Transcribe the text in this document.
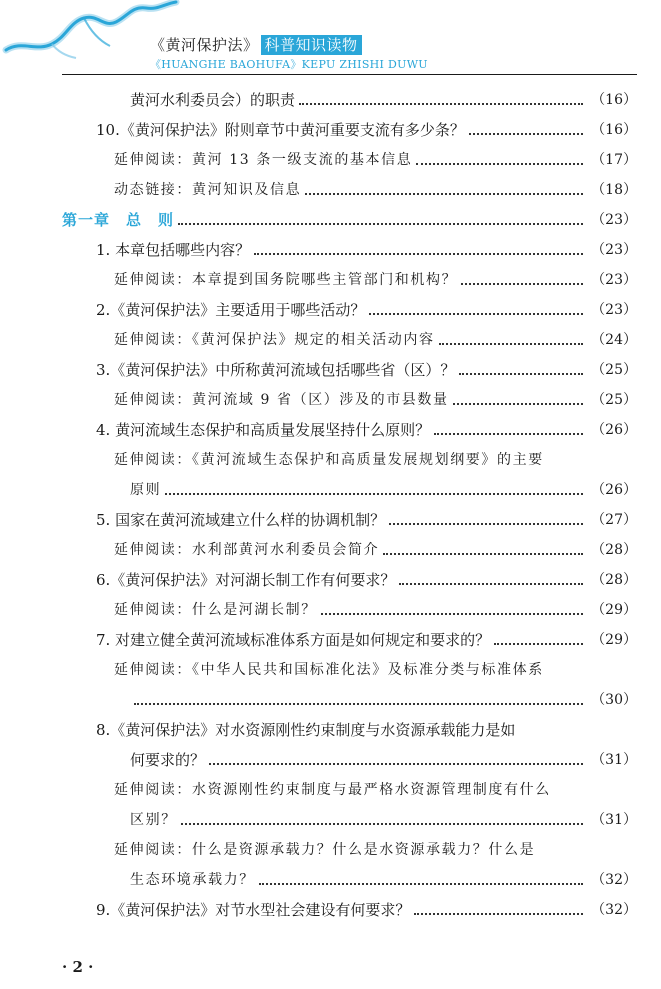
《黄河保护法》 科普知识读物
《HUANGHE BAOHUFA》KEPU ZHISHI DUWU
黄河水利委员会）的职责	（16）
10.《黄河保护法》附则章节中黄河重要支流有多少条？	（16）
延伸阅读：黄河 13 条一级支流的基本信息	（17）
动态链接：黄河知识及信息	（18）
第一章　总　则	（23）
1. 本章包括哪些内容？	（23）
延伸阅读：本章提到国务院哪些主管部门和机构？	（23）
2.《黄河保护法》主要适用于哪些活动？	（23）
延伸阅读：《黄河保护法》规定的相关活动内容	（24）
3.《黄河保护法》中所称黄河流域包括哪些省（区）？	（25）
延伸阅读：黄河流域 9 省（区）涉及的市县数量	（25）
4. 黄河流域生态保护和高质量发展坚持什么原则？	（26）
延伸阅读：《黄河流域生态保护和高质量发展规划纲要》的主要
原则	（26）
5. 国家在黄河流域建立什么样的协调机制？	（27）
延伸阅读：水利部黄河水利委员会简介	（28）
6.《黄河保护法》对河湖长制工作有何要求？	（28）
延伸阅读：什么是河湖长制？	（29）
7. 对建立健全黄河流域标准体系方面是如何规定和要求的？	（29）
延伸阅读：《中华人民共和国标准化法》及标准分类与标准体系
（30）
8.《黄河保护法》对水资源刚性约束制度与水资源承载能力是如
何要求的？	（31）
延伸阅读：水资源刚性约束制度与最严格水资源管理制度有什么
区别？	（31）
延伸阅读：什么是资源承载力？什么是水资源承载力？什么是
生态环境承载力？	（32）
9.《黄河保护法》对节水型社会建设有何要求？	（32）
· 2 ·
